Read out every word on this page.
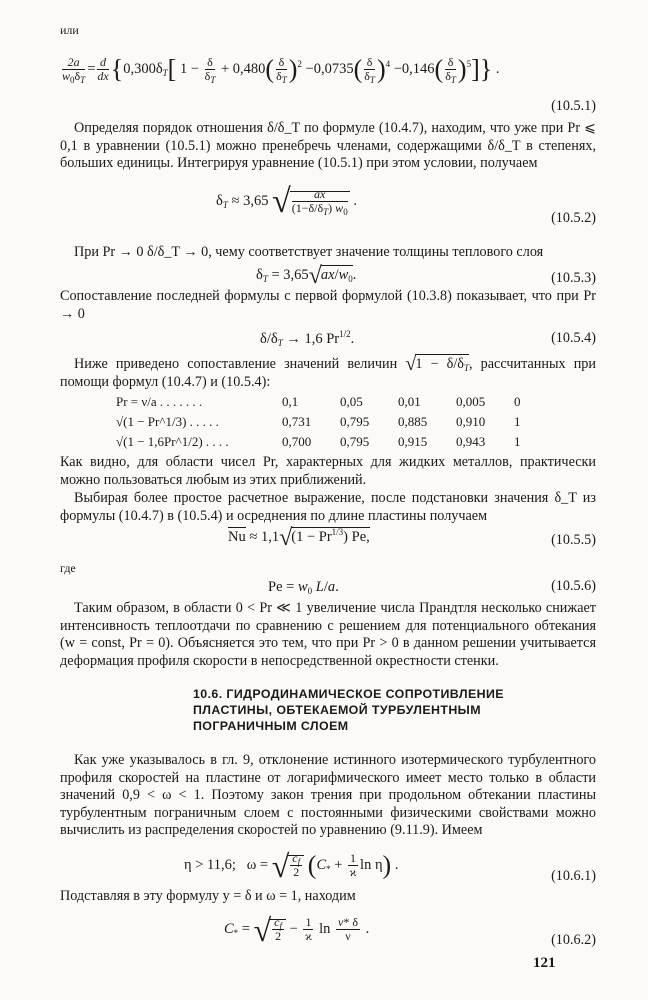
или
$\frac{2a}{w_0\delta_T} = \frac{d}{dx} \{0,300\delta_T$[ $1 - \frac{\delta}{\delta_T} + 0,480( \frac{\delta}{\delta_T} )^2 -0,0735( \frac{\delta}{\delta_T} )^4 -0,146( \frac{\delta}{\delta_T} )^5$]} .
(10.5.1)
Определяя порядок отношения δ/δ_T по формуле (10.4.7), находим, что уже при Pr ⩽ 0,1 в уравнении (10.5.1) можно пренебречь членами, содержащими δ/δ_T в степенях, больших единицы. Интегрируя уравнение (10.5.1) при этом условии, получаем
$\delta_T \approx 3,65$ √ $\frac{ax}{(1-\delta/\delta_T) w_0}$ .
(10.5.2)
При Pr → 0 δ/δ_T → 0, чему соответствует значение толщины теплового слоя
$\delta_T = 3,65√ax/w_0$.	(10.5.3)
Сопоставление последней формулы с первой формулой (10.3.8) показывает, что при Pr → 0
$\delta/\delta_T \to 1,6$ $Pr^{1/2}$.	(10.5.4)
Ниже приведено сопоставление значений величин $√1 - \delta/\delta_T$, рассчитанных при помощи формул (10.4.7) и (10.5.4):
Pr = ν/a . . . . . . .	0,1	0,05	0,01	0,005	0
√(1 − Pr^1/3) . . . . .	0,731	0,795	0,885	0,910	1
√(1 − 1,6Pr^1/2) . . . .	0,700	0,795	0,915	0,943	1
Как видно, для области чисел Pr, характерных для жидких металлов, практически можно пользоваться любым из этих приближений.
Выбирая более простое расчетное выражение, после подстановки значения δ_T из формулы (10.4.7) в (10.5.4) и осреднения по длине пластины получаем
$Nu \approx 1,1√(1 - Pr^{1/3})$ Pe,	(10.5.5)
где
$Pe = w_0$ L/a.	(10.5.6)
Таким образом, в области 0 < Pr ≪ 1 увеличение числа Прандтля несколько снижает интенсивность теплоотдачи по сравнению с решением для потенциального обтекания (w = const, Pr = 0). Объясняется это тем, что при Pr > 0 в данном решении учитывается деформация профиля скорости в непосредственной окрестности стенки.
10.6. ГИДРОДИНАМИЧЕСКОЕ СОПРОТИВЛЕНИЕ
ПЛАСТИНЫ, ОБТЕКАЕМОЙ ТУРБУЛЕНТНЫМ
ПОГРАНИЧНЫМ СЛОЕМ
Как уже указывалось в гл. 9, отклонение истинного изотермического турбулентного профиля скоростей на пластине от логарифмического имеет место только в области значений 0,9 < ω < 1. Поэтому закон трения при продольном обтекании пластины турбулентным пограничным слоем с постоянными физическими свойствами можно вычислить из распределения скоростей по уравнению (9.11.9). Имеем
η > 11,6;   ω = √ $\frac{c_f}{2} (C_* + \frac{1}{ϰ}$ ln η) .
(10.6.1)
Подставляя в эту формулу y = δ и ω = 1, находим
$C_*$ = √ $\frac{c_f}{2} - \frac{1}{ϰ}$ $\ln \frac{v* \delta}{\nu}$ .
(10.6.2)
121
